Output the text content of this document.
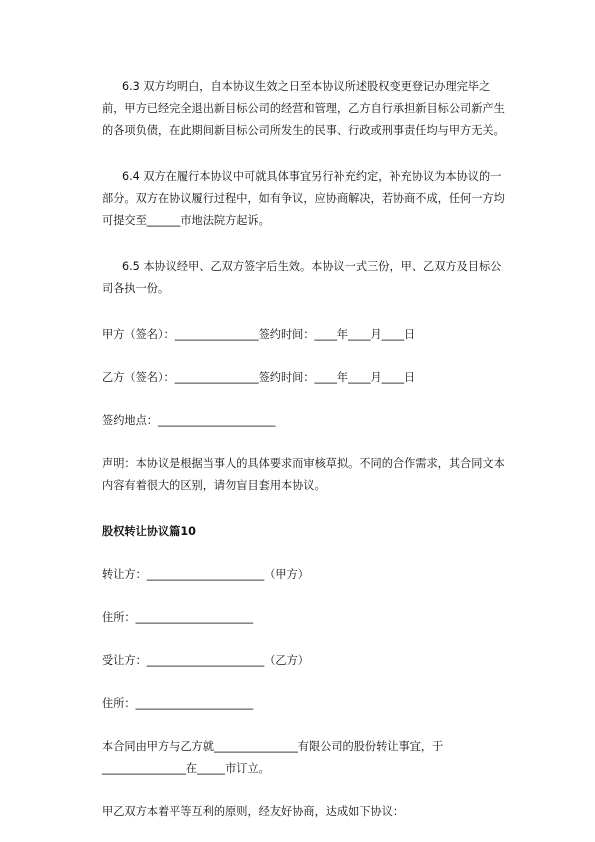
6.3 双方均明白，自本协议生效之日至本协议所述股权变更登记办理完毕之前，甲方已经完全退出新目标公司的经营和管理，乙方自行承担新目标公司新产生的各项负债，在此期间新目标公司所发生的民事、行政或刑事责任均与甲方无关。

6.4 双方在履行本协议中可就具体事宜另行补充约定，补充协议为本协议的一部分。双方在协议履行过程中，如有争议，应协商解决，若协商不成，任何一方均可提交至______市地法院方起诉。

6.5 本协议经甲、乙双方签字后生效。本协议一式三份，甲、乙双方及目标公司各执一份。

甲方（签名）：_______________签约时间：____年____月____日

乙方（签名）：_______________签约时间：____年____月____日

签约地点：_____________________

声明：本协议是根据当事人的具体要求而审核草拟。不同的合作需求，其合同文本内容有着很大的区别，请勿盲目套用本协议。

股权转让协议篇10

转让方：_____________________（甲方）

住所：_____________________

受让方：_____________________（乙方）

住所：_____________________

本合同由甲方与乙方就_______________有限公司的股份转让事宜，于

_______________在_____市订立。

甲乙双方本着平等互利的原则，经友好协商，达成如下协议：
